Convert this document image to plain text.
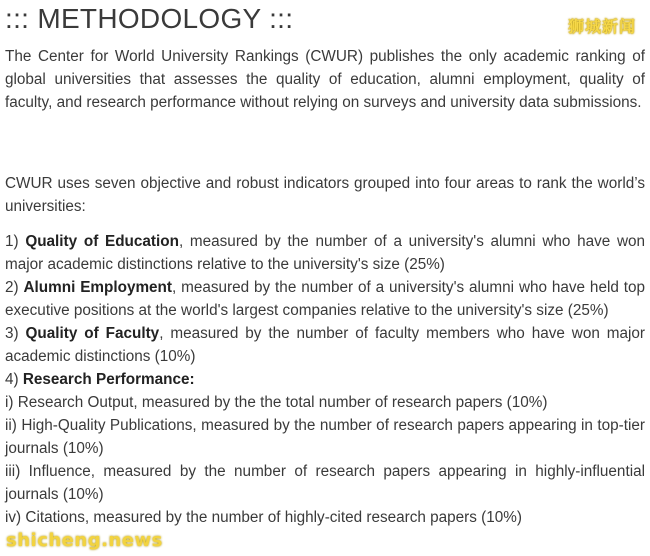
::: METHODOLOGY :::

The Center for World University Rankings (CWUR) publishes the only academic ranking of global universities that assesses the quality of education, alumni employment, quality of faculty, and research performance without relying on surveys and university data submissions.

CWUR uses seven objective and robust indicators grouped into four areas to rank the world’s universities:

1) Quality of Education, measured by the number of a university's alumni who have won major academic distinctions relative to the university's size (25%)
2) Alumni Employment, measured by the number of a university's alumni who have held top executive positions at the world's largest companies relative to the university's size (25%)
3) Quality of Faculty, measured by the number of faculty members who have won major academic distinctions (10%)
4) Research Performance:
i) Research Output, measured by the the total number of research papers (10%)
ii) High-Quality Publications, measured by the number of research papers appearing in top-tier journals (10%)
iii) Influence, measured by the number of research papers appearing in highly-influential journals (10%)
iv) Citations, measured by the number of highly-cited research papers (10%)
狮城新闻
shicheng.news
